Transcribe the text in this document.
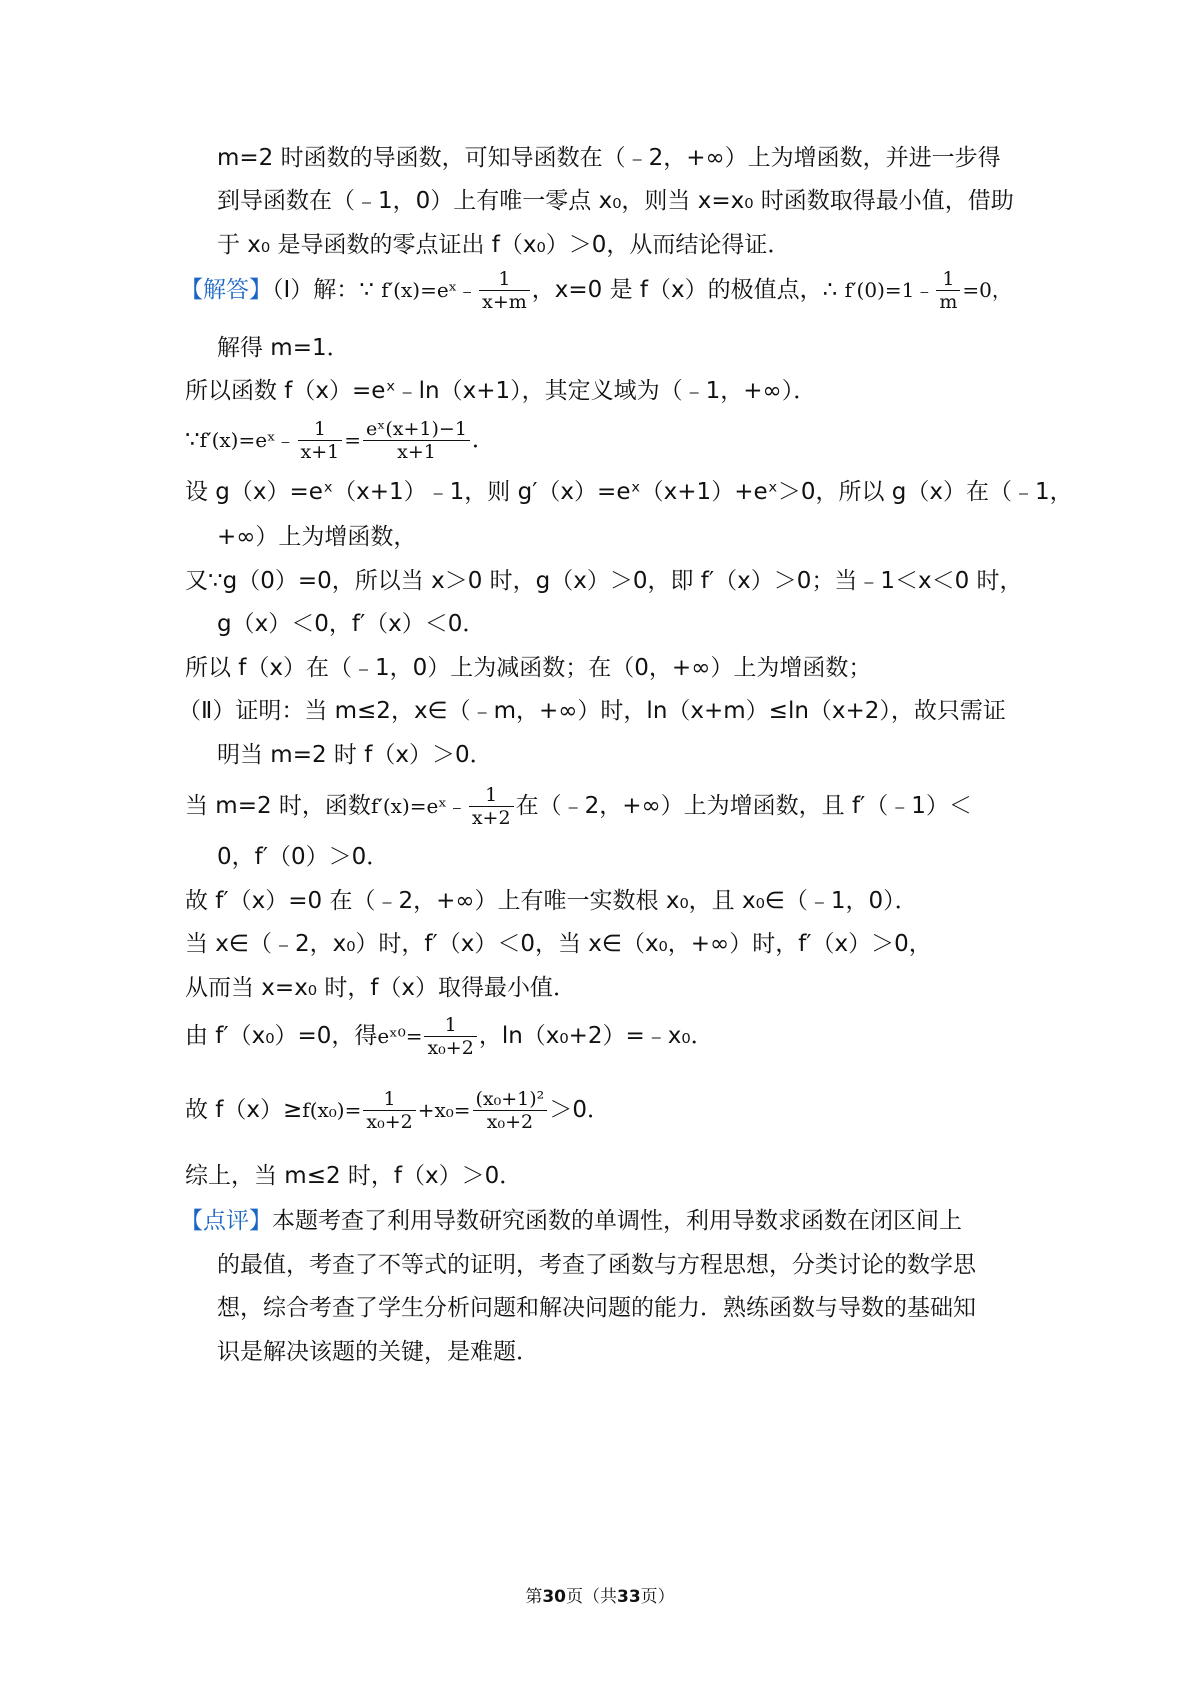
m=2 时函数的导函数，可知导函数在（﹣2，+∞）上为增函数，并进一步得
到导函数在（﹣1，0）上有唯一零点 x₀，则当 x=x₀ 时函数取得最小值，借助
于 x₀ 是导函数的零点证出 f（x₀）＞0，从而结论得证．
【解答】（Ⅰ）解：∵ f′(x)=eˣ﹣ $\frac{1}{x+m}$ ，x=0 是 f（x）的极值点，∴ f′(0)=1﹣ $\frac{1}{m} =0$，
解得 m=1．
所以函数 f（x）=eˣ﹣ln（x+1），其定义域为（﹣1，+∞）．
∵f′(x)=eˣ﹣ $\frac{1}{x+1} = \frac{\text{eˣ(x+1)−1}}{x+1}$ ．
设 g（x）=eˣ（x+1）﹣1，则 g′（x）=eˣ（x+1）+eˣ＞0，所以 g（x）在（﹣1，
+∞）上为增函数，
又∵g（0）=0，所以当 x＞0 时，g（x）＞0，即 f′（x）＞0；当﹣1＜x＜0 时，
g（x）＜0，f′（x）＜0．
所以 f（x）在（﹣1，0）上为减函数；在（0，+∞）上为增函数；
（Ⅱ）证明：当 m≤2，x∈（﹣m，+∞）时，ln（x+m）≤ln（x+2），故只需证
明当 m=2 时 f（x）＞0．
当 m=2 时，函数f′(x)=eˣ﹣ $\frac{1}{x+2}$ 在（﹣2，+∞）上为增函数，且 f′（﹣1）＜
0，f′（0）＞0．
故 f′（x）=0 在（﹣2，+∞）上有唯一实数根 x₀，且 x₀∈（﹣1，0）．
当 x∈（﹣2，x₀）时，f′（x）＜0，当 x∈（x₀，+∞）时，f′（x）＞0，
从而当 x=x₀ 时，f（x）取得最小值．
由 f′（x₀）=0，得eˣ⁰= $\frac{1}{\text{x₀+2}}$ ，ln（x₀+2）=﹣x₀．
故 $f(x)\ge f(x_0)= \frac{1}{\text{x₀+2}} +x_0= \frac{\text{(x₀+1)²}}{\text{x₀+2}} >0$．
综上，当 m≤2 时，f（x）＞0．
【点评】本题考查了利用导数研究函数的单调性，利用导数求函数在闭区间上
的最值，考查了不等式的证明，考查了函数与方程思想，分类讨论的数学思
想，综合考查了学生分析问题和解决问题的能力．熟练函数与导数的基础知
识是解决该题的关键，是难题．
第30页（共33页）
